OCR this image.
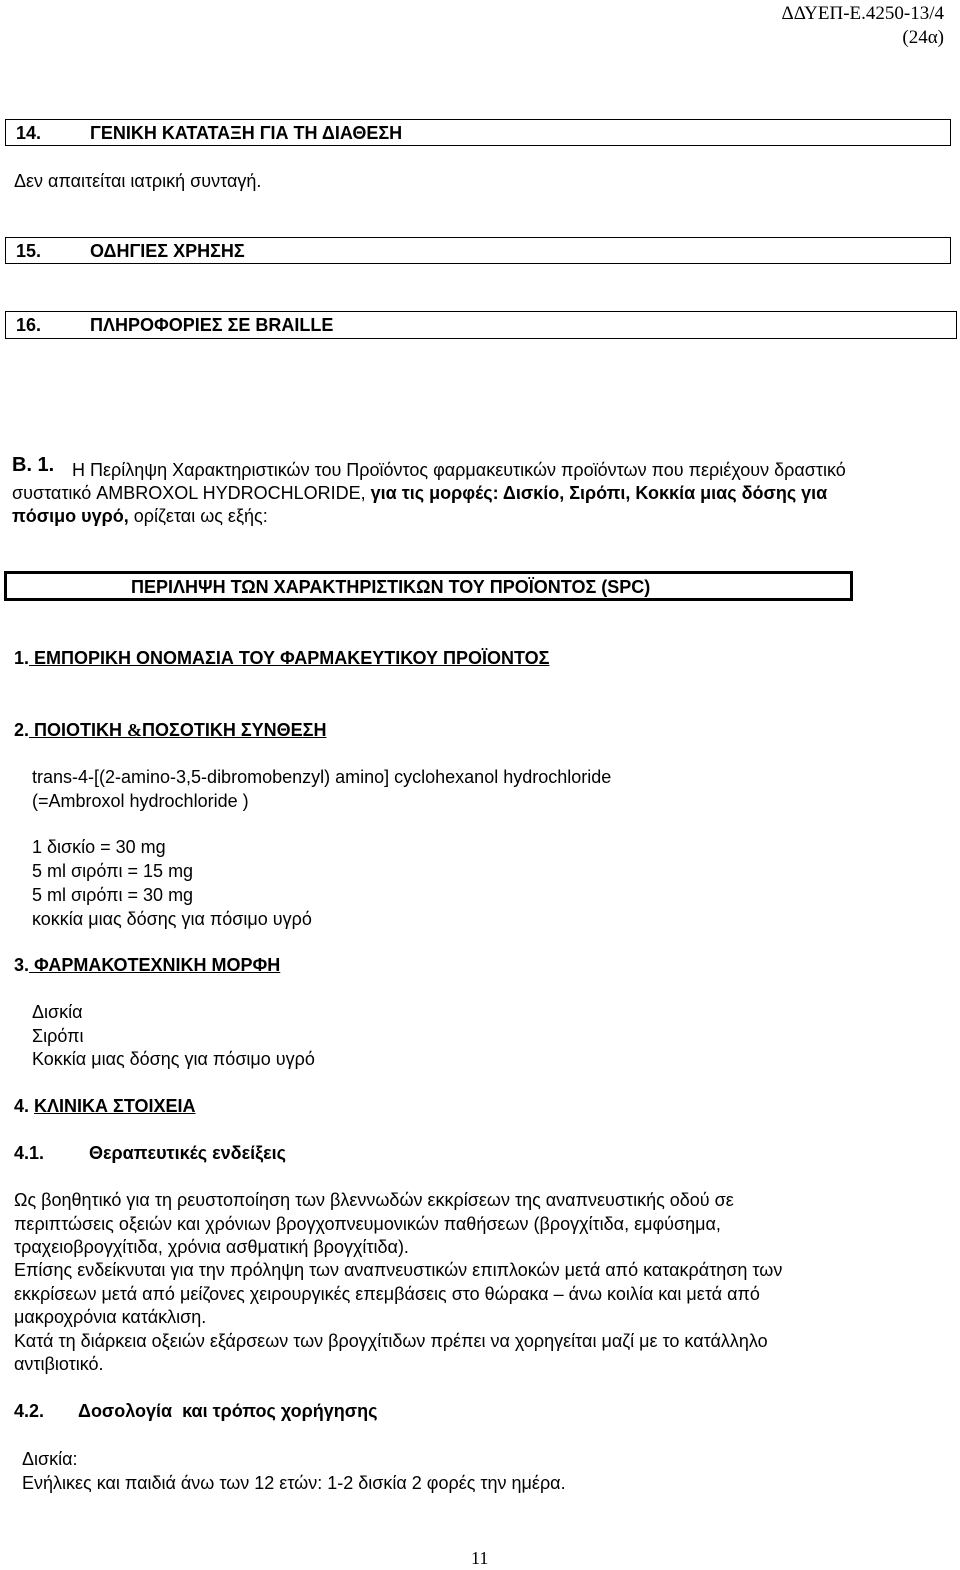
ΔΔΥΕΠ-Ε.4250-13/4
(24α)
14.	ΓΕΝΙΚΗ ΚΑΤΑΤΑΞΗ ΓΙΑ ΤΗ ΔΙΑΘΕΣΗ
Δεν απαιτείται ιατρική συνταγή.
15.	ΟΔΗΓΙΕΣ ΧΡΗΣΗΣ
16.	ΠΛΗΡΟΦΟΡΙΕΣ ΣΕ BRAILLE
Β. 1. Η Περίληψη Χαρακτηριστικών του Προϊόντος φαρμακευτικών προϊόντων που περιέχουν δραστικό
συστατικό AMBROXOL HYDROCHLORIDE, για τις μορφές: Δισκίο, Σιρόπι, Κοκκία μιας δόσης για
πόσιμο υγρό, ορίζεται ως εξής:
ΠΕΡΙΛΗΨΗ ΤΩΝ ΧΑΡΑΚΤΗΡΙΣΤΙΚΩΝ ΤΟΥ ΠΡΟΪΟΝΤΟΣ (SPC)
1. ΕΜΠΟΡΙΚΗ ΟΝΟΜΑΣΙΑ ΤΟΥ ΦΑΡΜΑΚΕΥΤΙΚΟΥ ΠΡΟΪΟΝΤΟΣ
2. ΠΟΙΟΤΙΚΗ &ΠΟΣΟΤΙΚΗ ΣΥΝΘΕΣΗ
trans-4-[(2-amino-3,5-dibromobenzyl) amino] cyclohexanol hydrochloride
(=Ambroxol hydrochloride )
1 δισκίο = 30 mg
5 ml σιρόπι = 15 mg
5 ml σιρόπι = 30 mg
κοκκία μιας δόσης για πόσιμο υγρό
3. ΦΑΡΜΑΚΟΤΕΧΝΙΚΗ ΜΟΡΦΗ
Δισκία
Σιρόπι
Κοκκία μιας δόσης για πόσιμο υγρό
4. ΚΛΙΝΙΚΑ ΣΤΟΙΧΕΙΑ
4.1. Θεραπευτικές ενδείξεις
Ως βοηθητικό για τη ρευστοποίηση των βλεννωδών εκκρίσεων της αναπνευστικής οδού σε
περιπτώσεις οξειών και χρόνιων βρογχοπνευμονικών παθήσεων (βρογχίτιδα, εμφύσημα,
τραχειοβρογχίτιδα, χρόνια ασθματική βρογχίτιδα).
Επίσης ενδείκνυται για την πρόληψη των αναπνευστικών επιπλοκών μετά από κατακράτηση των
εκκρίσεων μετά από μείζονες χειρουργικές επεμβάσεις στο θώρακα – άνω κοιλία και μετά από
μακροχρόνια κατάκλιση.
Κατά τη διάρκεια οξειών εξάρσεων των βρογχίτιδων πρέπει να χορηγείται μαζί με το κατάλληλο
αντιβιοτικό.
4.2. Δοσολογία  και τρόπος χορήγησης
Δισκία:
Ενήλικες και παιδιά άνω των 12 ετών: 1-2 δισκία 2 φορές την ημέρα.
11
